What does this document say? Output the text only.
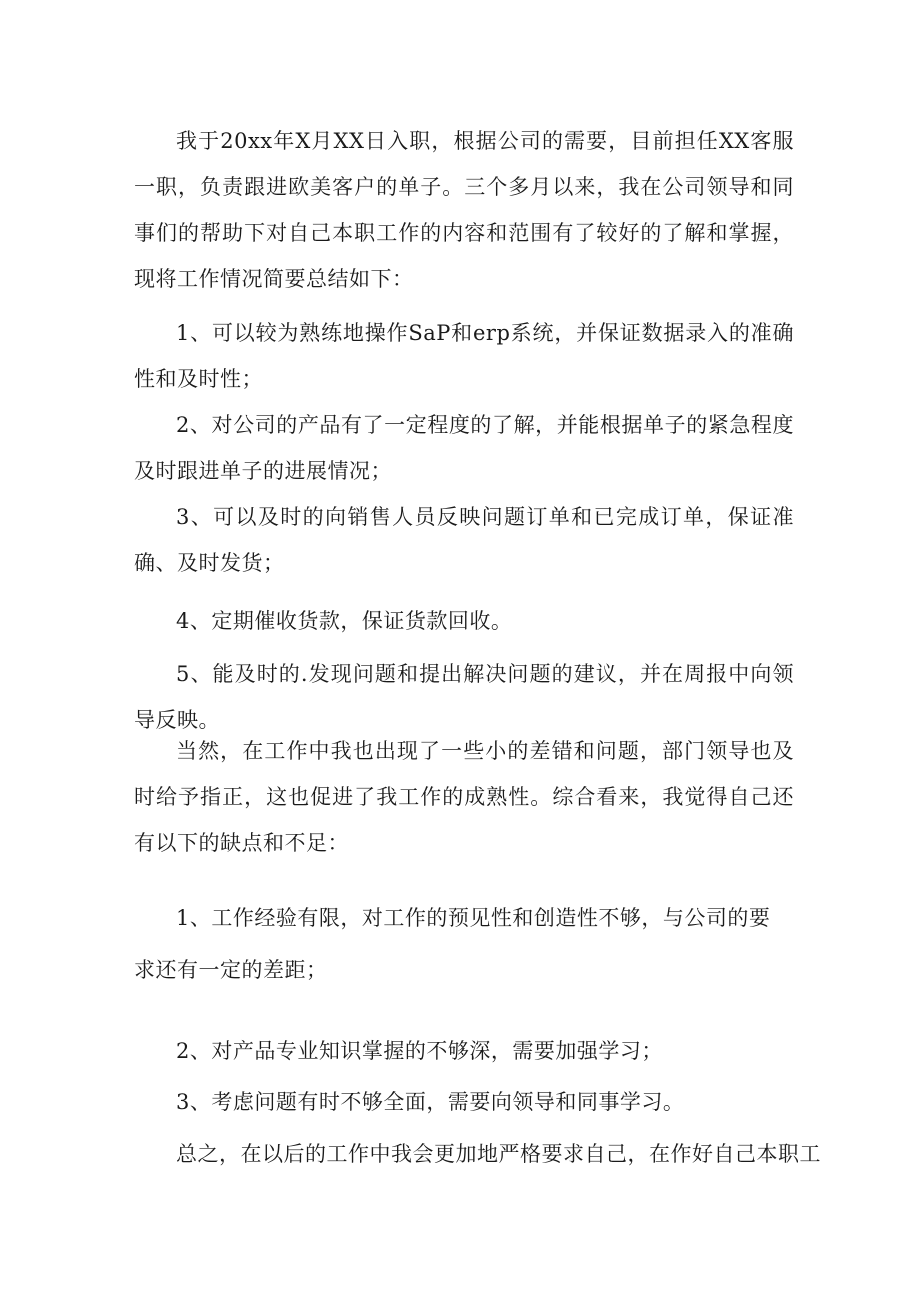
我于20xx年X月XX日入职，根据公司的需要，目前担任XX客服一职，负责跟进欧美客户的单子。三个多月以来，我在公司领导和同事们的帮助下对自己本职工作的内容和范围有了较好的了解和掌握，现将工作情况简要总结如下：

1、可以较为熟练地操作SaP和erp系统，并保证数据录入的准确性和及时性；

2、对公司的产品有了一定程度的了解，并能根据单子的紧急程度及时跟进单子的进展情况；

3、可以及时的向销售人员反映问题订单和已完成订单，保证准确、及时发货；

4、定期催收货款，保证货款回收。

5、能及时的.发现问题和提出解决问题的建议，并在周报中向领导反映。

当然，在工作中我也出现了一些小的差错和问题，部门领导也及时给予指正，这也促进了我工作的成熟性。综合看来，我觉得自己还有以下的缺点和不足：

1、工作经验有限，对工作的预见性和创造性不够，与公司的要

求还有一定的差距；

2、对产品专业知识掌握的不够深，需要加强学习；

3、考虑问题有时不够全面，需要向领导和同事学习。

总之，在以后的工作中我会更加地严格要求自己，在作好自己本职工
